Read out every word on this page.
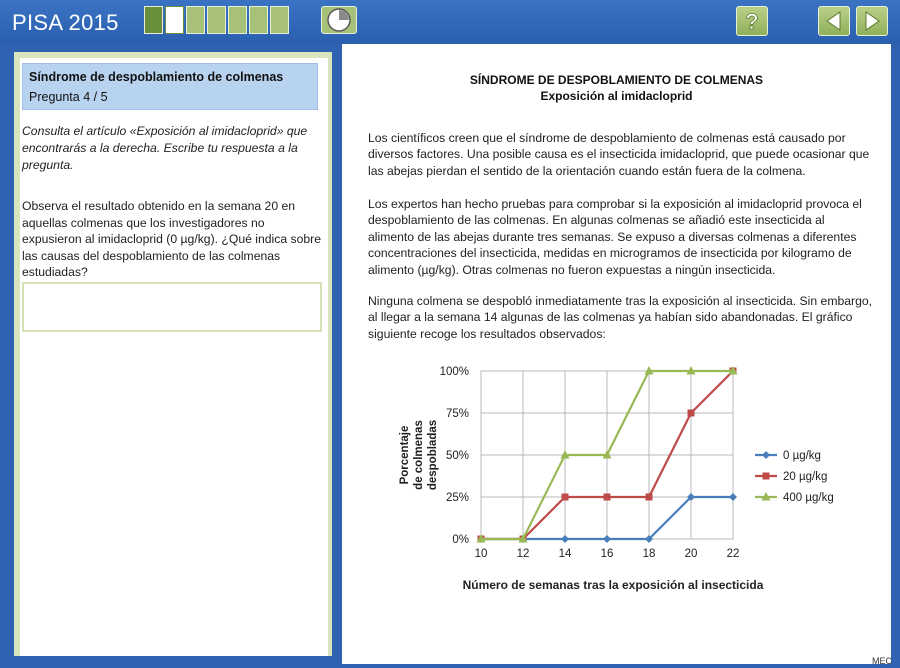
PISA 2015	?
Síndrome de despoblamiento de colmenas
Pregunta 4 / 5
Consulta el artículo «Exposición al imidacloprid» que encontrarás a la derecha. Escribe tu respuesta a la pregunta.
Observa el resultado obtenido en la semana 20 en aquellas colmenas que los investigadores no expusieron al imidacloprid (0 µg/kg). ¿Qué indica sobre las causas del despoblamiento de las colmenas estudiadas?
SÍNDROME DE DESPOBLAMIENTO DE COLMENAS
Exposición al imidacloprid

Los científicos creen que el síndrome de despoblamiento de colmenas está causado por diversos factores. Una posible causa es el insecticida imidacloprid, que puede ocasionar que las abejas pierdan el sentido de la orientación cuando están fuera de la colmena.

Los expertos han hecho pruebas para comprobar si la exposición al imidacloprid provoca el despoblamiento de las colmenas. En algunas colmenas se añadió este insecticida al alimento de las abejas durante tres semanas. Se expuso a diversas colmenas a diferentes concentraciones del insecticida, medidas en microgramos de insecticida por kilogramo de alimento (µg/kg). Otras colmenas no fueron expuestas a ningún insecticida.

Ninguna colmena se despobló inmediatamente tras la exposición al insecticida. Sin embargo, al llegar a la semana 14 algunas de las colmenas ya habían sido abandonadas. El gráfico siguiente recoge los resultados observados:

0%
25%
50%
75%
100%
10	12	14	16	18	20	22
0 µg/kg
20 µg/kg
400 µg/kg
Porcentaje de colmenas despobladas
Número de semanas tras la exposición al insecticida
MEC
